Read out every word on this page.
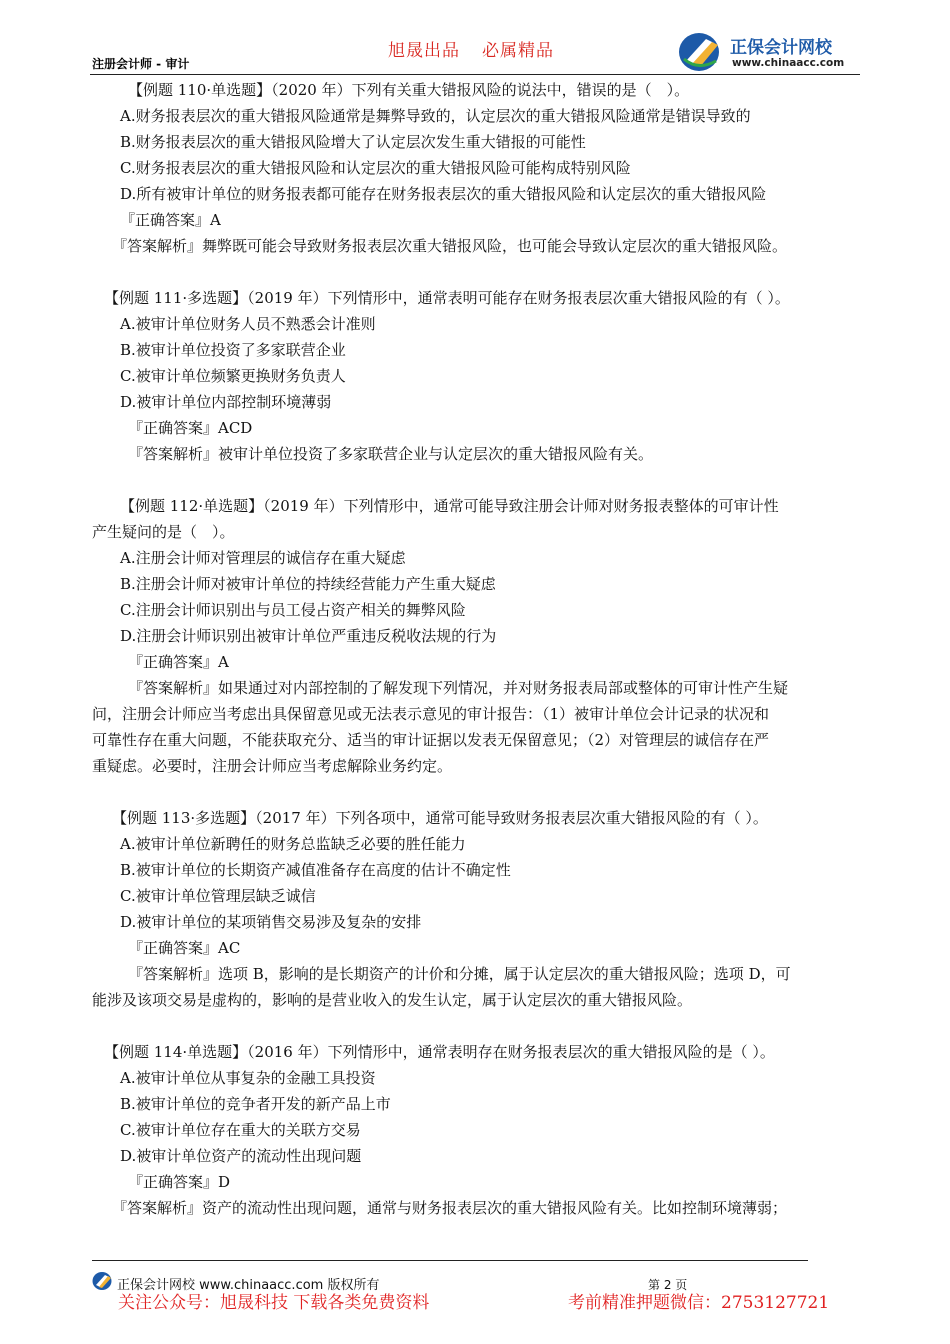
注册会计师 - 审计
旭晟出品 必属精品	正保会计网校
www.chinaacc.com
【例题 110·单选题】（2020 年）下列有关重大错报风险的说法中，错误的是（　）。
A.财务报表层次的重大错报风险通常是舞弊导致的，认定层次的重大错报风险通常是错误导致的
B.财务报表层次的重大错报风险增大了认定层次发生重大错报的可能性
C.财务报表层次的重大错报风险和认定层次的重大错报风险可能构成特别风险
D.所有被审计单位的财务报表都可能存在财务报表层次的重大错报风险和认定层次的重大错报风险
『正确答案』A
『答案解析』舞弊既可能会导致财务报表层次重大错报风险，也可能会导致认定层次的重大错报风险。
【例题 111·多选题】（2019 年）下列情形中，通常表明可能存在财务报表层次重大错报风险的有（ ）。
A.被审计单位财务人员不熟悉会计准则
B.被审计单位投资了多家联营企业
C.被审计单位频繁更换财务负责人
D.被审计单位内部控制环境薄弱
『正确答案』ACD
『答案解析』被审计单位投资了多家联营企业与认定层次的重大错报风险有关。
【例题 112·单选题】（2019 年）下列情形中，通常可能导致注册会计师对财务报表整体的可审计性
产生疑问的是（　）。
A.注册会计师对管理层的诚信存在重大疑虑
B.注册会计师对被审计单位的持续经营能力产生重大疑虑
C.注册会计师识别出与员工侵占资产相关的舞弊风险
D.注册会计师识别出被审计单位严重违反税收法规的行为
『正确答案』A
『答案解析』如果通过对内部控制的了解发现下列情况，并对财务报表局部或整体的可审计性产生疑
问，注册会计师应当考虑出具保留意见或无法表示意见的审计报告：（1）被审计单位会计记录的状况和
可靠性存在重大问题，不能获取充分、适当的审计证据以发表无保留意见；（2）对管理层的诚信存在严
重疑虑。必要时，注册会计师应当考虑解除业务约定。
【例题 113·多选题】（2017 年）下列各项中，通常可能导致财务报表层次重大错报风险的有（ ）。
A.被审计单位新聘任的财务总监缺乏必要的胜任能力
B.被审计单位的长期资产减值准备存在高度的估计不确定性
C.被审计单位管理层缺乏诚信
D.被审计单位的某项销售交易涉及复杂的安排
『正确答案』AC
『答案解析』选项 B，影响的是长期资产的计价和分摊，属于认定层次的重大错报风险；选项 D，可
能涉及该项交易是虚构的，影响的是营业收入的发生认定，属于认定层次的重大错报风险。
【例题 114·单选题】（2016 年）下列情形中，通常表明存在财务报表层次的重大错报风险的是（ ）。
A.被审计单位从事复杂的金融工具投资
B.被审计单位的竞争者开发的新产品上市
C.被审计单位存在重大的关联方交易
D.被审计单位资产的流动性出现问题
『正确答案』D
『答案解析』资产的流动性出现问题，通常与财务报表层次的重大错报风险有关。比如控制环境薄弱；
正保会计网校 www.chinaacc.com 版权所有	第 2 页
关注公众号：旭晟科技 下载各类免费资料	考前精准押题微信：2753127721
